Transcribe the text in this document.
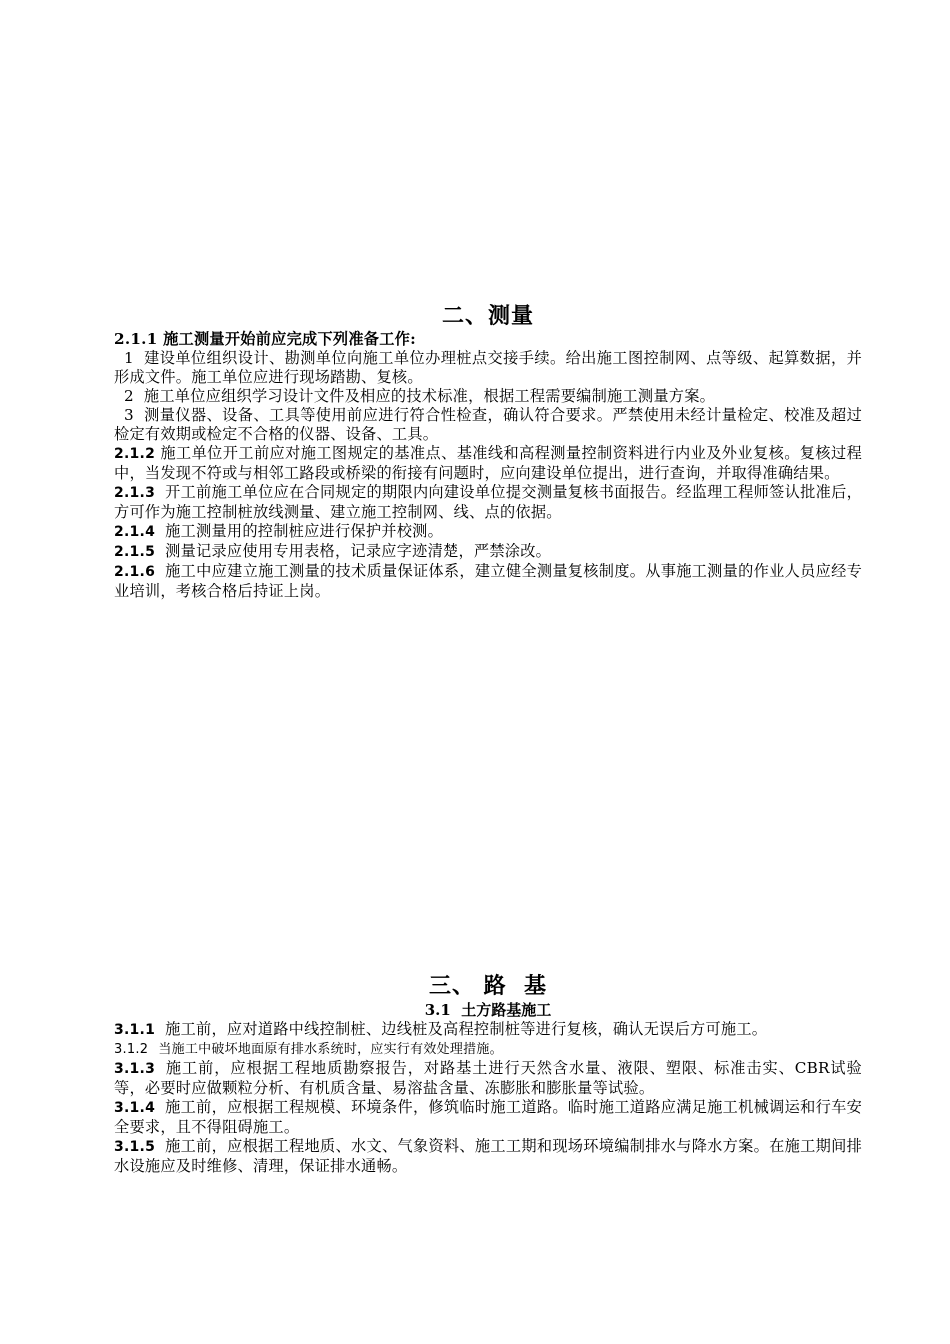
二、测量

2.1.1 施工测量开始前应完成下列准备工作:

1 建设单位组织设计、勘测单位向施工单位办理桩点交接手续。给出施工图控制网、点等级、起算数据，并形成文件。施工单位应进行现场踏勘、复核。

2 施工单位应组织学习设计文件及相应的技术标准，根据工程需要编制施工测量方案。

3 测量仪器、设备、工具等使用前应进行符合性检查，确认符合要求。严禁使用未经计量检定、校准及超过检定有效期或检定不合格的仪器、设备、工具。

2.1.2 施工单位开工前应对施工图规定的基准点、基准线和高程测量控制资料进行内业及外业复核。复核过程中，当发现不符或与相邻工路段或桥梁的衔接有问题时，应向建设单位提出，进行查询，并取得准确结果。

2.1.3 开工前施工单位应在合同规定的期限内向建设单位提交测量复核书面报告。经监理工程师签认批准后，方可作为施工控制桩放线测量、建立施工控制网、线、点的依据。

2.1.4 施工测量用的控制桩应进行保护并校测。

2.1.5 测量记录应使用专用表格，记录应字迹清楚，严禁涂改。

2.1.6 施工中应建立施工测量的技术质量保证体系，建立健全测量复核制度。从事施工测量的作业人员应经专业培训，考核合格后持证上岗。

三、 路  基
3.1  土方路基施工

3.1.1 施工前，应对道路中线控制桩、边线桩及高程控制桩等进行复核，确认无误后方可施工。

3.1.2 当施工中破坏地面原有排水系统时，应实行有效处理措施。

3.1.3 施工前，应根据工程地质勘察报告，对路基土进行天然含水量、液限、塑限、标准击实、CBR试验等，必要时应做颗粒分析、有机质含量、易溶盐含量、冻膨胀和膨胀量等试验。

3.1.4 施工前，应根据工程规模、环境条件，修筑临时施工道路。临时施工道路应满足施工机械调运和行车安全要求，且不得阻碍施工。

3.1.5 施工前，应根据工程地质、水文、气象资料、施工工期和现场环境编制排水与降水方案。在施工期间排水设施应及时维修、清理，保证排水通畅。
